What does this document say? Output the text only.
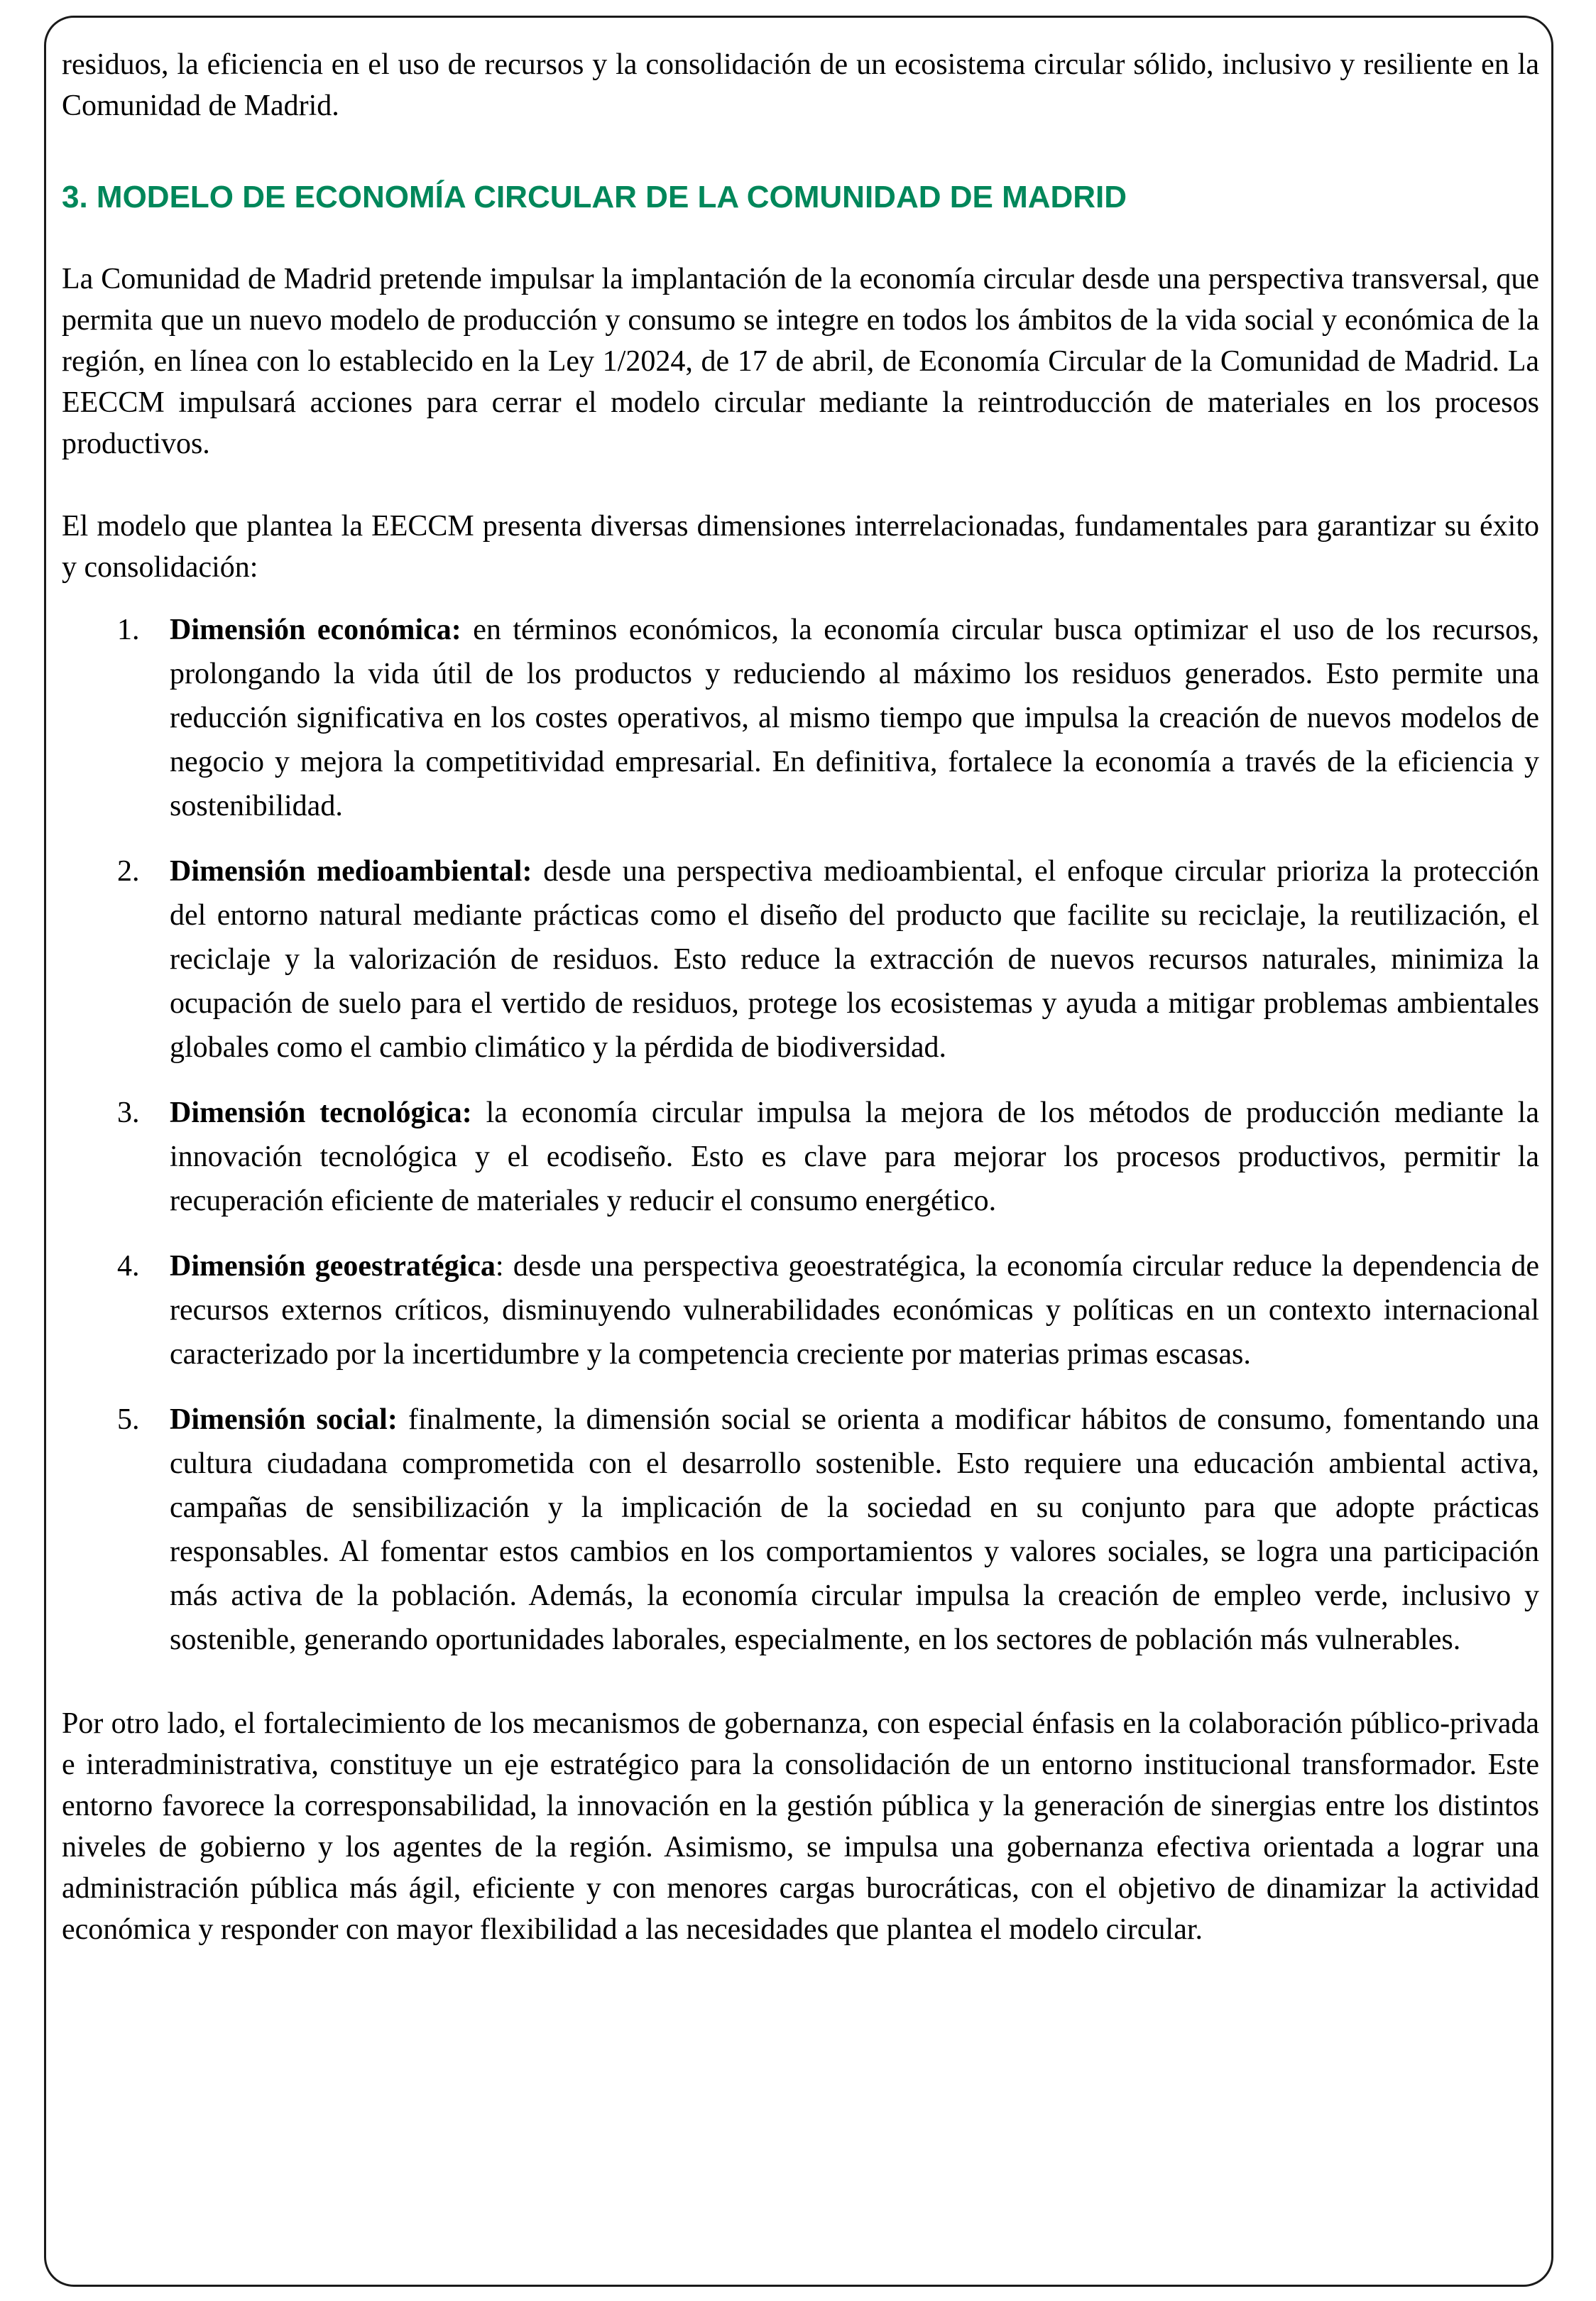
residuos, la eficiencia en el uso de recursos y la consolidación de un ecosistema circular sólido, inclusivo y resiliente en la Comunidad de Madrid.

3. MODELO DE ECONOMÍA CIRCULAR DE LA COMUNIDAD DE MADRID

La Comunidad de Madrid pretende impulsar la implantación de la economía circular desde una perspectiva transversal, que permita que un nuevo modelo de producción y consumo se integre en todos los ámbitos de la vida social y económica de la región, en línea con lo establecido en la Ley 1/2024, de 17 de abril, de Economía Circular de la Comunidad de Madrid. La EECCM impulsará acciones para cerrar el modelo circular mediante la reintroducción de materiales en los procesos productivos.

El modelo que plantea la EECCM presenta diversas dimensiones interrelacionadas, fundamentales para garantizar su éxito y consolidación:

1. Dimensión económica: en términos económicos, la economía circular busca optimizar el uso de los recursos, prolongando la vida útil de los productos y reduciendo al máximo los residuos generados. Esto permite una reducción significativa en los costes operativos, al mismo tiempo que impulsa la creación de nuevos modelos de negocio y mejora la competitividad empresarial. En definitiva, fortalece la economía a través de la eficiencia y sostenibilidad.
2. Dimensión medioambiental: desde una perspectiva medioambiental, el enfoque circular prioriza la protección del entorno natural mediante prácticas como el diseño del producto que facilite su reciclaje, la reutilización, el reciclaje y la valorización de residuos. Esto reduce la extracción de nuevos recursos naturales, minimiza la ocupación de suelo para el vertido de residuos, protege los ecosistemas y ayuda a mitigar problemas ambientales globales como el cambio climático y la pérdida de biodiversidad.
3. Dimensión tecnológica: la economía circular impulsa la mejora de los métodos de producción mediante la innovación tecnológica y el ecodiseño. Esto es clave para mejorar los procesos productivos, permitir la recuperación eficiente de materiales y reducir el consumo energético.
4. Dimensión geoestratégica: desde una perspectiva geoestratégica, la economía circular reduce la dependencia de recursos externos críticos, disminuyendo vulnerabilidades económicas y políticas en un contexto internacional caracterizado por la incertidumbre y la competencia creciente por materias primas escasas.
5. Dimensión social: finalmente, la dimensión social se orienta a modificar hábitos de consumo, fomentando una cultura ciudadana comprometida con el desarrollo sostenible. Esto requiere una educación ambiental activa, campañas de sensibilización y la implicación de la sociedad en su conjunto para que adopte prácticas responsables. Al fomentar estos cambios en los comportamientos y valores sociales, se logra una participación más activa de la población. Además, la economía circular impulsa la creación de empleo verde, inclusivo y sostenible, generando oportunidades laborales, especialmente, en los sectores de población más vulnerables.

Por otro lado, el fortalecimiento de los mecanismos de gobernanza, con especial énfasis en la colaboración público-privada e interadministrativa, constituye un eje estratégico para la consolidación de un entorno institucional transformador. Este entorno favorece la corresponsabilidad, la innovación en la gestión pública y la generación de sinergias entre los distintos niveles de gobierno y los agentes de la región. Asimismo, se impulsa una gobernanza efectiva orientada a lograr una administración pública más ágil, eficiente y con menores cargas burocráticas, con el objetivo de dinamizar la actividad económica y responder con mayor flexibilidad a las necesidades que plantea el modelo circular.
